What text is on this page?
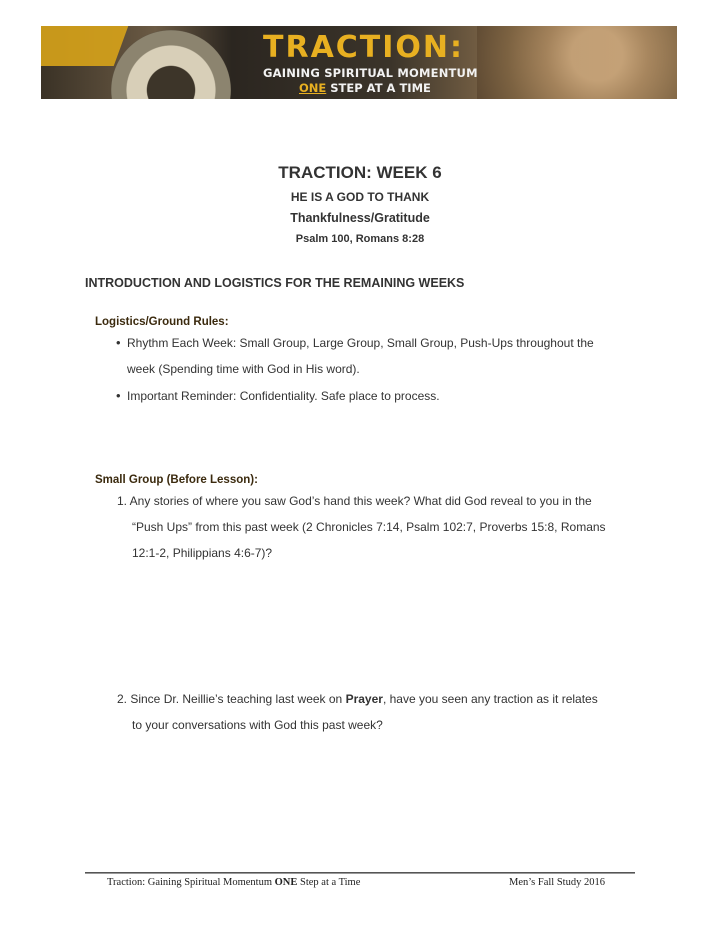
TRACTION:
GAINING SPIRITUAL MOMENTUM
ONE STEP AT A TIME
TRACTION: WEEK 6
HE IS A GOD TO THANK
Thankfulness/Gratitude
Psalm 100, Romans 8:28
INTRODUCTION AND LOGISTICS FOR THE REMAINING WEEKS
Logistics/Ground Rules:
• Rhythm Each Week: Small Group, Large Group, Small Group, Push-Ups throughout the
week (Spending time with God in His word).
• Important Reminder: Confidentiality. Safe place to process.
Small Group (Before Lesson):
1. Any stories of where you saw God’s hand this week? What did God reveal to you in the
“Push Ups” from this past week (2 Chronicles 7:14, Psalm 102:7, Proverbs 15:8, Romans
12:1-2, Philippians 4:6-7)?
2. Since Dr. Neillie’s teaching last week on Prayer, have you seen any traction as it relates
to your conversations with God this past week?
Traction: Gaining Spiritual Momentum ONE Step at a Time	Men’s Fall Study 2016
